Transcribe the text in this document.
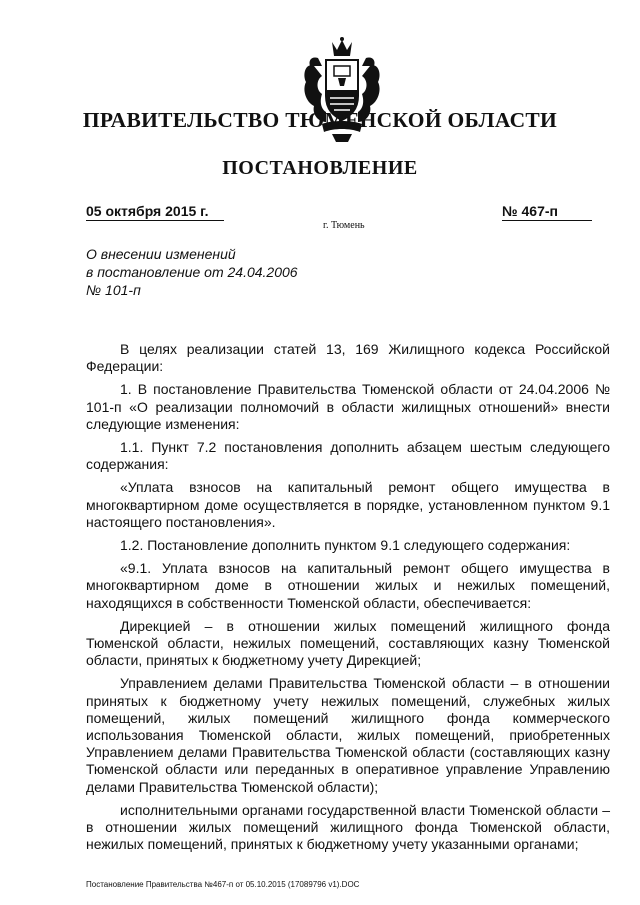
ПРАВИТЕЛЬСТВО ТЮМЕНСКОЙ ОБЛАСТИ
ПОСТАНОВЛЕНИЕ
05 октября 2015 г.	№ 467-п
г. Тюмень
О внесении изменений
в постановление от 24.04.2006
№ 101-п

В целях реализации статей 13, 169 Жилищного кодекса Российской Федерации:

1. В постановление Правительства Тюменской области от 24.04.2006 № 101-п «О реализации полномочий в области жилищных отношений» внести следующие изменения:

1.1. Пункт 7.2 постановления дополнить абзацем шестым следующего содержания:

«Уплата взносов на капитальный ремонт общего имущества в многоквартирном доме осуществляется в порядке, установленном пунктом 9.1 настоящего постановления».

1.2. Постановление дополнить пунктом 9.1 следующего содержания:

«9.1. Уплата взносов на капитальный ремонт общего имущества в многоквартирном доме в отношении жилых и нежилых помещений, находящихся в собственности Тюменской области, обеспечивается:

Дирекцией – в отношении жилых помещений жилищного фонда Тюменской области, нежилых помещений, составляющих казну Тюменской области, принятых к бюджетному учету Дирекцией;

Управлением делами Правительства Тюменской области – в отношении принятых к бюджетному учету нежилых помещений, служебных жилых помещений, жилых помещений жилищного фонда коммерческого использования Тюменской области, жилых помещений, приобретенных Управлением делами Правительства Тюменской области (составляющих казну Тюменской области или переданных в оперативное управление Управлению делами Правительства Тюменской области);

исполнительными органами государственной власти Тюменской области – в отношении жилых помещений жилищного фонда Тюменской области, нежилых помещений, принятых к бюджетному учету указанными органами;

Постановление Правительства №467-п от 05.10.2015 (17089796 v1).DOC
